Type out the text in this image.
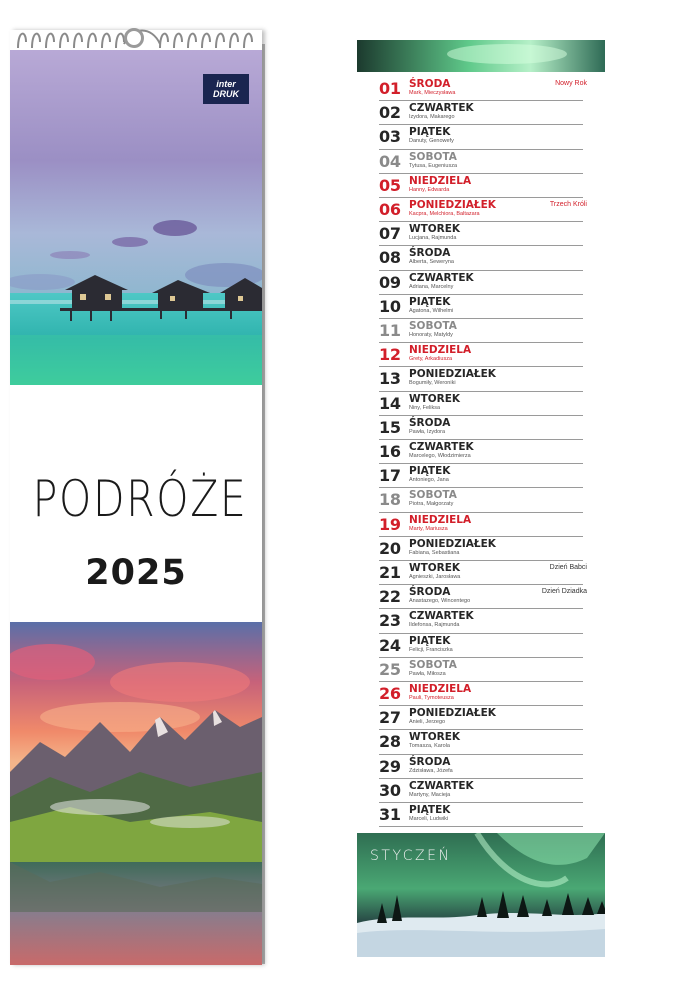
inter
DRUK
PODRÓŻE
2025
01 ŚRODA
Mark, Mieczysława
Nowy Rok
02 CZWARTEK
Izydora, Makarego
03 PIĄTEK
Danuty, Genowefy
04 SOBOTA
Tytusa, Eugeniusza
05 NIEDZIELA
Hanny, Edwarda
06 PONIEDZIAŁEK
Kacpra, Melchiora, Baltazara
Trzech Króli
07 WTOREK
Lucjana, Rajmunda
08 ŚRODA
Alberta, Seweryna
09 CZWARTEK
Adriana, Marcelny
10 PIĄTEK
Agatona, Wilhelmi
11 SOBOTA
Honoraty, Matyldy
12 NIEDZIELA
Grety, Arkadiusza
13 PONIEDZIAŁEK
Bogumiły, Weroniki
14 WTOREK
Niny, Feliksa
15 ŚRODA
Pawła, Izydora
16 CZWARTEK
Marcelego, Włodzimierza
17 PIĄTEK
Antoniego, Jana
18 SOBOTA
Piotra, Małgorzaty
19 NIEDZIELA
Marty, Mariusza
20 PONIEDZIAŁEK
Fabiana, Sebastiana
21 WTOREK
Agnieszki, Jarosława
Dzień Babci
22 ŚRODA
Anastazego, Wincentego
Dzień Dziadka
23 CZWARTEK
Ildefonsa, Rajmunda
24 PIĄTEK
Felicji, Franciszka
25 SOBOTA
Pawła, Miłosza
26 NIEDZIELA
Pauli, Tymoteusza
27 PONIEDZIAŁEK
Anieli, Jerzego
28 WTOREK
Tomasza, Karola
29 ŚRODA
Zdzisława, Józefa
30 CZWARTEK
Martyny, Macieja
31 PIĄTEK
Marceli, Ludwiki
STYCZEŃ
